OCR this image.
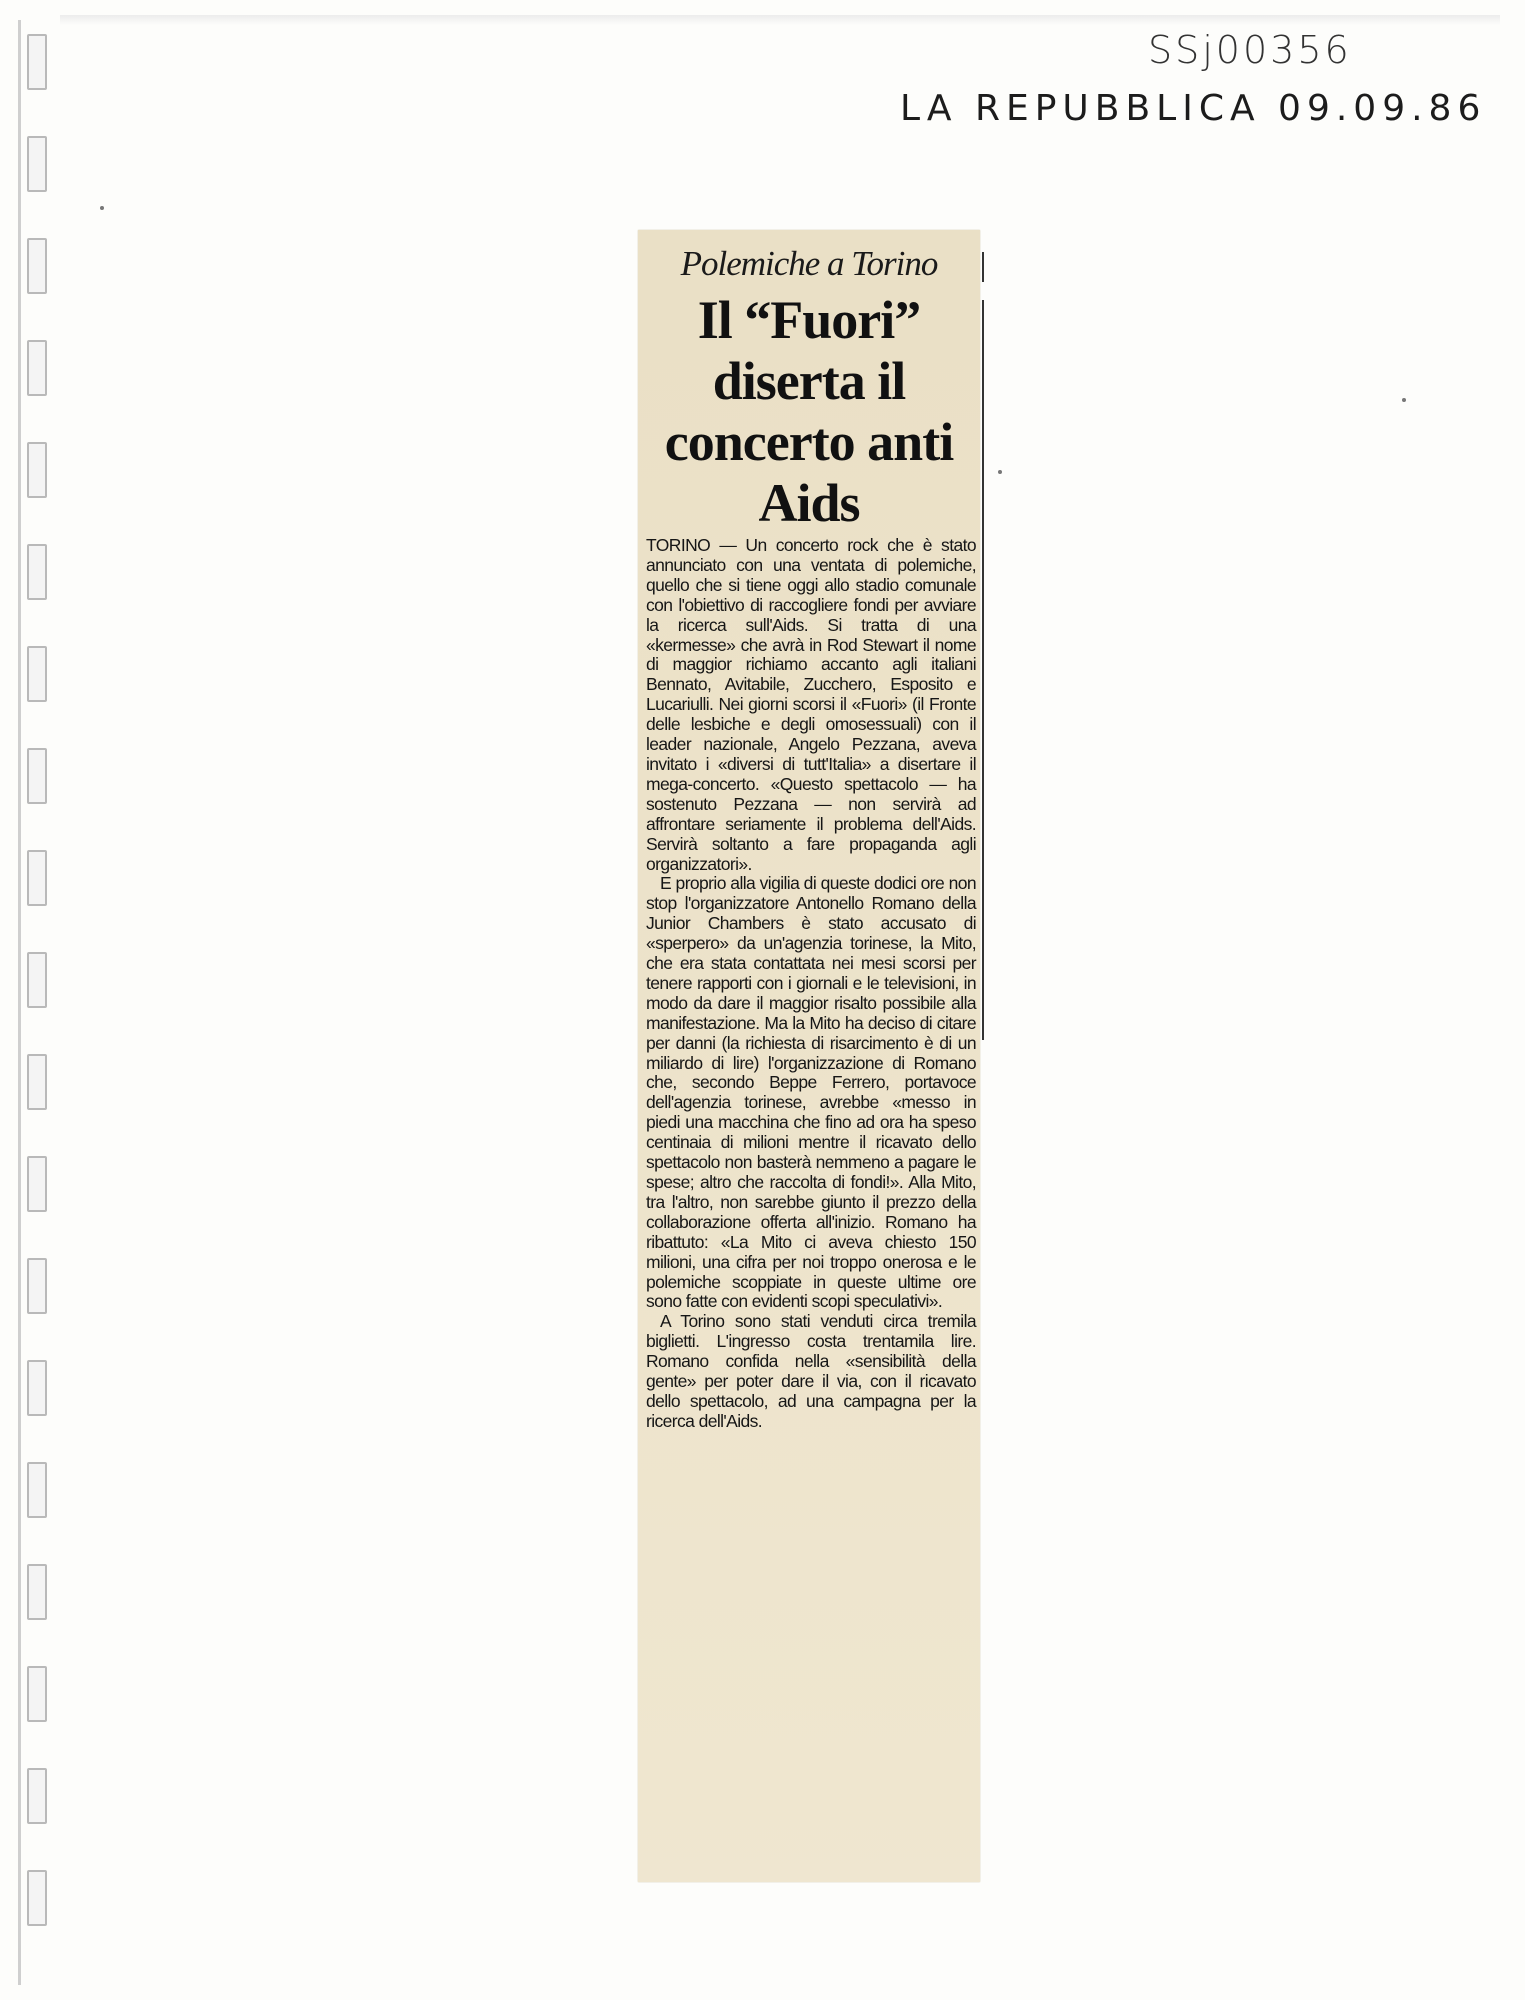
SSj00356
LA REPUBBLICA 09.09.86
Polemiche a Torino
Il “Fuori” diserta il concerto anti Aids

TORINO — Un concerto rock che è stato annunciato con una ventata di polemiche, quello che si tiene oggi allo stadio comunale con l'obiettivo di raccogliere fondi per avviare la ricerca sull'Aids. Si tratta di una «kermesse» che avrà in Rod Stewart il nome di maggior richiamo accanto agli italiani Bennato, Avitabile, Zucchero, Esposito e Lucariulli. Nei giorni scorsi il «Fuori» (il Fronte delle lesbiche e degli omosessuali) con il leader nazionale, Angelo Pezzana, aveva invitato i «diversi di tutt'Italia» a disertare il mega-concerto. «Questo spettacolo — ha sostenuto Pezzana — non servirà ad affrontare seriamente il problema dell'Aids. Servirà soltanto a fare propaganda agli organizzatori».

E proprio alla vigilia di queste dodici ore non stop l'organizzatore Antonello Romano della Junior Chambers è stato accusato di «sperpero» da un'agenzia torinese, la Mito, che era stata contattata nei mesi scorsi per tenere rapporti con i giornali e le televisioni, in modo da dare il maggior risalto possibile alla manifestazione. Ma la Mito ha deciso di citare per danni (la richiesta di risarcimento è di un miliardo di lire) l'organizzazione di Romano che, secondo Beppe Ferrero, portavoce dell'agenzia torinese, avrebbe «messo in piedi una macchina che fino ad ora ha speso centinaia di milioni mentre il ricavato dello spettacolo non basterà nemmeno a pagare le spese; altro che raccolta di fondi!». Alla Mito, tra l'altro, non sarebbe giunto il prezzo della collaborazione offerta all'inizio. Romano ha ribattuto: «La Mito ci aveva chiesto 150 milioni, una cifra per noi troppo onerosa e le polemiche scoppiate in queste ultime ore sono fatte con evidenti scopi speculativi».

A Torino sono stati venduti circa tremila biglietti. L'ingresso costa trentamila lire. Romano confida nella «sensibilità della gente» per poter dare il via, con il ricavato dello spettacolo, ad una campagna per la ricerca dell'Aids.
